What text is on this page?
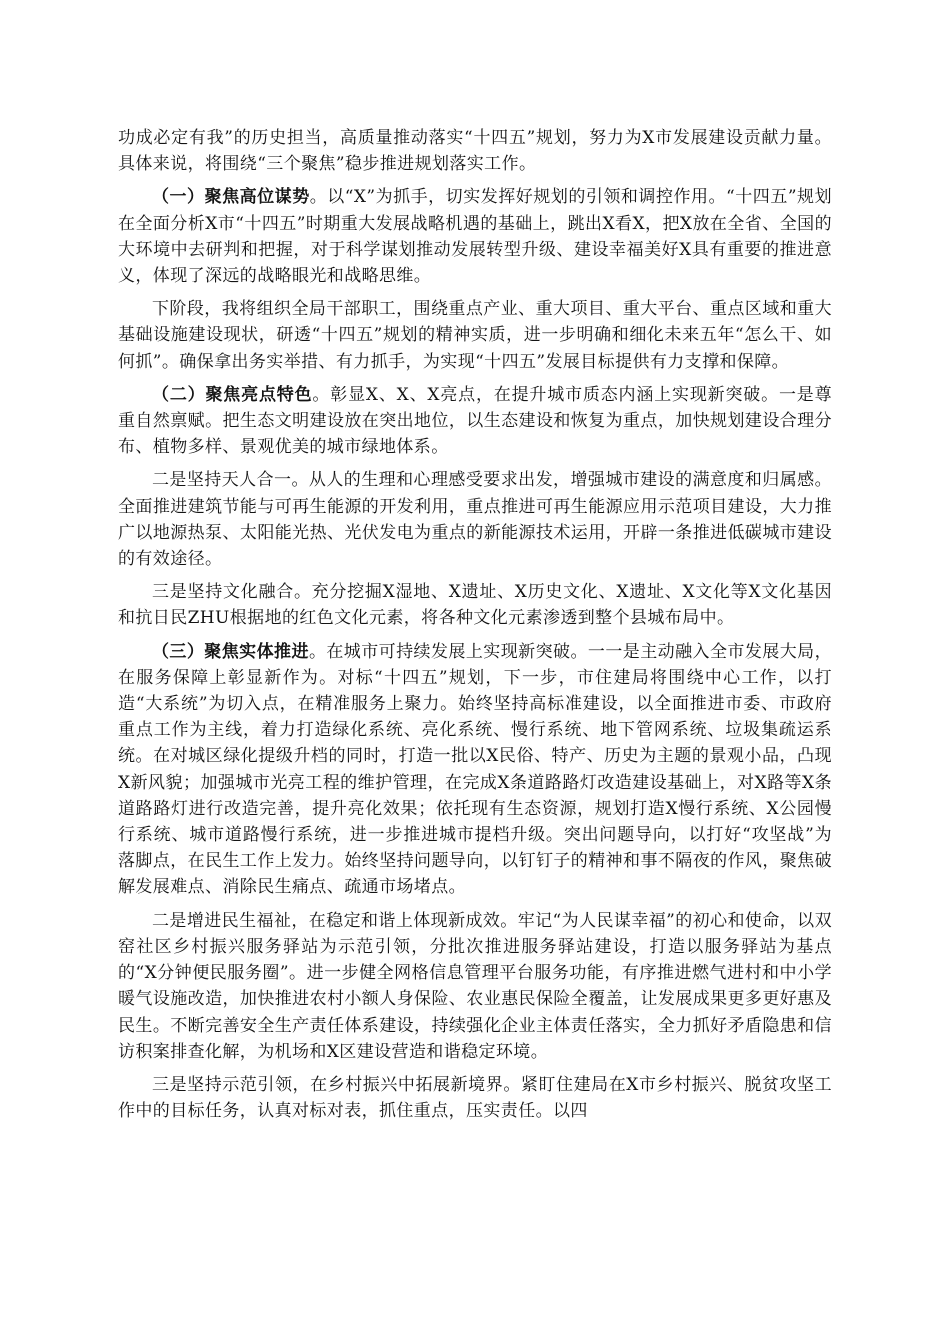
功成必定有我”的历史担当，高质量推动落实“十四五”规划，努力为X市发展建设贡献力量。具体来说，将围绕“三个聚焦”稳步推进规划落实工作。

（一）聚焦高位谋势。以“X”为抓手，切实发挥好规划的引领和调控作用。“十四五”规划在全面分析X市“十四五”时期重大发展战略机遇的基础上，跳出X看X，把X放在全省、全国的大环境中去研判和把握，对于科学谋划推动发展转型升级、建设幸福美好X具有重要的推进意义，体现了深远的战略眼光和战略思维。

下阶段，我将组织全局干部职工，围绕重点产业、重大项目、重大平台、重点区域和重大基础设施建设现状，研透“十四五”规划的精神实质，进一步明确和细化未来五年“怎么干、如何抓”。确保拿出务实举措、有力抓手，为实现“十四五”发展目标提供有力支撑和保障。

（二）聚焦亮点特色。彰显X、X、X亮点，在提升城市质态内涵上实现新突破。一是尊重自然禀赋。把生态文明建设放在突出地位，以生态建设和恢复为重点，加快规划建设合理分布、植物多样、景观优美的城市绿地体系。

二是坚持天人合一。从人的生理和心理感受要求出发，增强城市建设的满意度和归属感。全面推进建筑节能与可再生能源的开发利用，重点推进可再生能源应用示范项目建设，大力推广以地源热泵、太阳能光热、光伏发电为重点的新能源技术运用，开辟一条推进低碳城市建设的有效途径。

三是坚持文化融合。充分挖掘X湿地、X遗址、X历史文化、X遗址、X文化等X文化基因和抗日民ZHU根据地的红色文化元素，将各种文化元素渗透到整个县城布局中。

（三）聚焦实体推进。在城市可持续发展上实现新突破。一一是主动融入全市发展大局，在服务保障上彰显新作为。对标“十四五”规划，下一步，市住建局将围绕中心工作，以打造“大系统”为切入点，在精准服务上聚力。始终坚持高标准建设，以全面推进市委、市政府重点工作为主线，着力打造绿化系统、亮化系统、慢行系统、地下管网系统、垃圾集疏运系统。在对城区绿化提级升档的同时，打造一批以X民俗、特产、历史为主题的景观小品，凸现X新风貌；加强城市光亮工程的维护管理，在完成X条道路路灯改造建设基础上，对X路等X条道路路灯进行改造完善，提升亮化效果；依托现有生态资源，规划打造X慢行系统、X公园慢行系统、城市道路慢行系统，进一步推进城市提档升级。突出问题导向，以打好“攻坚战”为落脚点，在民生工作上发力。始终坚持问题导向，以钉钉子的精神和事不隔夜的作风，聚焦破解发展难点、消除民生痛点、疏通市场堵点。

二是增进民生福祉，在稳定和谐上体现新成效。牢记“为人民谋幸福”的初心和使命，以双窑社区乡村振兴服务驿站为示范引领，分批次推进服务驿站建设，打造以服务驿站为基点的“X分钟便民服务圈”。进一步健全网格信息管理平台服务功能，有序推进燃气进村和中小学暖气设施改造，加快推进农村小额人身保险、农业惠民保险全覆盖，让发展成果更多更好惠及民生。不断完善安全生产责任体系建设，持续强化企业主体责任落实，全力抓好矛盾隐患和信访积案排查化解，为机场和X区建设营造和谐稳定环境。

三是坚持示范引领，在乡村振兴中拓展新境界。紧盯住建局在X市乡村振兴、脱贫攻坚工作中的目标任务，认真对标对表，抓住重点，压实责任。以四
